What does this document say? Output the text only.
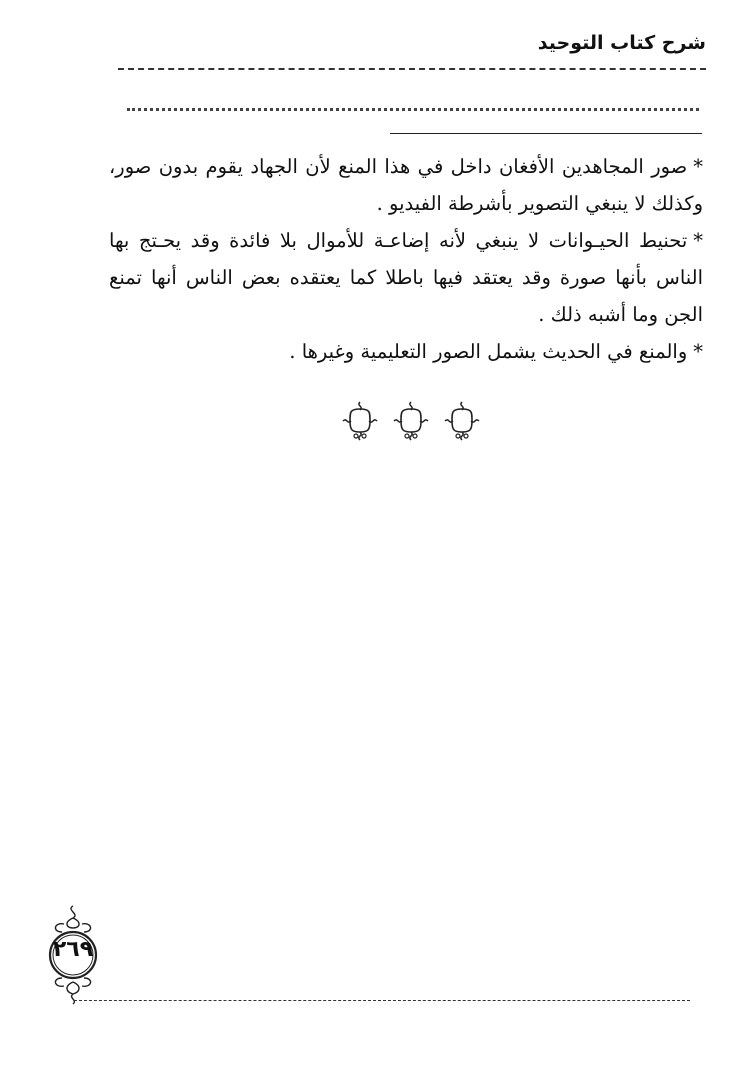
شرح كتاب التوحيد

*صور المجاهدين الأفغان داخل في هذا المنع لأن الجهاد يقوم بدون صور، وكذلك لا ينبغي التصوير بأشرطة الفيديو .

*تحنيط الحيـوانات لا ينبغي لأنه إضاعـة للأموال بلا فائدة وقد يحـتج بها الناس بأنها صورة وقد يعتقد فيها باطلا كما يعتقده بعض الناس أنها تمنع الجن وما أشبه ذلك .

*والمنع في الحديث يشمل الصور التعليمية وغيرها .

٢٦٩
